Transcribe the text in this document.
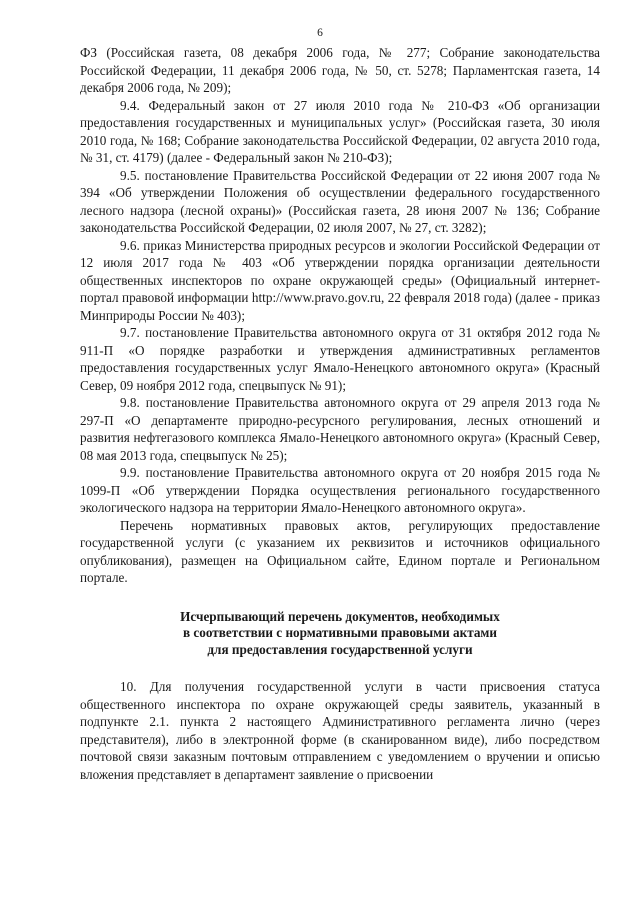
6

ФЗ (Российская газета, 08 декабря 2006 года, № 277; Собрание законодательства Российской Федерации, 11 декабря 2006 года, № 50, ст. 5278; Парламентская газета, 14 декабря 2006 года, № 209);

9.4. Федеральный закон от 27 июля 2010 года № 210-ФЗ «Об организации предоставления государственных и муниципальных услуг» (Российская газета, 30 июля 2010 года, № 168; Собрание законодательства Российской Федерации, 02 августа 2010 года, № 31, ст. 4179) (далее - Федеральный закон № 210-ФЗ);

9.5. постановление Правительства Российской Федерации от 22 июня 2007 года № 394 «Об утверждении Положения об осуществлении федерального государственного лесного надзора (лесной охраны)» (Российская газета, 28 июня 2007 № 136; Собрание законодательства Российской Федерации, 02 июля 2007, № 27, ст. 3282);

9.6. приказ Министерства природных ресурсов и экологии Российской Федерации от 12 июля 2017 года № 403 «Об утверждении порядка организации деятельности общественных инспекторов по охране окружающей среды» (Официальный интернет-портал правовой информации http://www.pravo.gov.ru, 22 февраля 2018 года) (далее - приказ Минприроды России № 403);

9.7. постановление Правительства автономного округа от 31 октября 2012 года № 911-П «О порядке разработки и утверждения административных регламентов предоставления государственных услуг Ямало-Ненецкого автономного округа» (Красный Север, 09 ноября 2012 года, спецвыпуск № 91);

9.8. постановление Правительства автономного округа от 29 апреля 2013 года № 297-П «О департаменте природно-ресурсного регулирования, лесных отношений и развития нефтегазового комплекса Ямало-Ненецкого автономного округа» (Красный Север, 08 мая 2013 года, спецвыпуск № 25);

9.9. постановление Правительства автономного округа от 20 ноября 2015 года № 1099-П «Об утверждении Порядка осуществления регионального государственного экологического надзора на территории Ямало-Ненецкого автономного округа».

Перечень нормативных правовых актов, регулирующих предоставление государственной услуги (с указанием их реквизитов и источников официального опубликования), размещен на Официальном сайте, Едином портале и Региональном портале.

Исчерпывающий перечень документов, необходимых
в соответствии с нормативными правовыми актами
для предоставления государственной услуги

10. Для получения государственной услуги в части присвоения статуса общественного инспектора по охране окружающей среды заявитель, указанный в подпункте 2.1. пункта 2 настоящего Административного регламента лично (через представителя), либо в электронной форме (в сканированном виде), либо посредством почтовой связи заказным почтовым отправлением с уведомлением о вручении и описью вложения представляет в департамент заявление о присвоении
